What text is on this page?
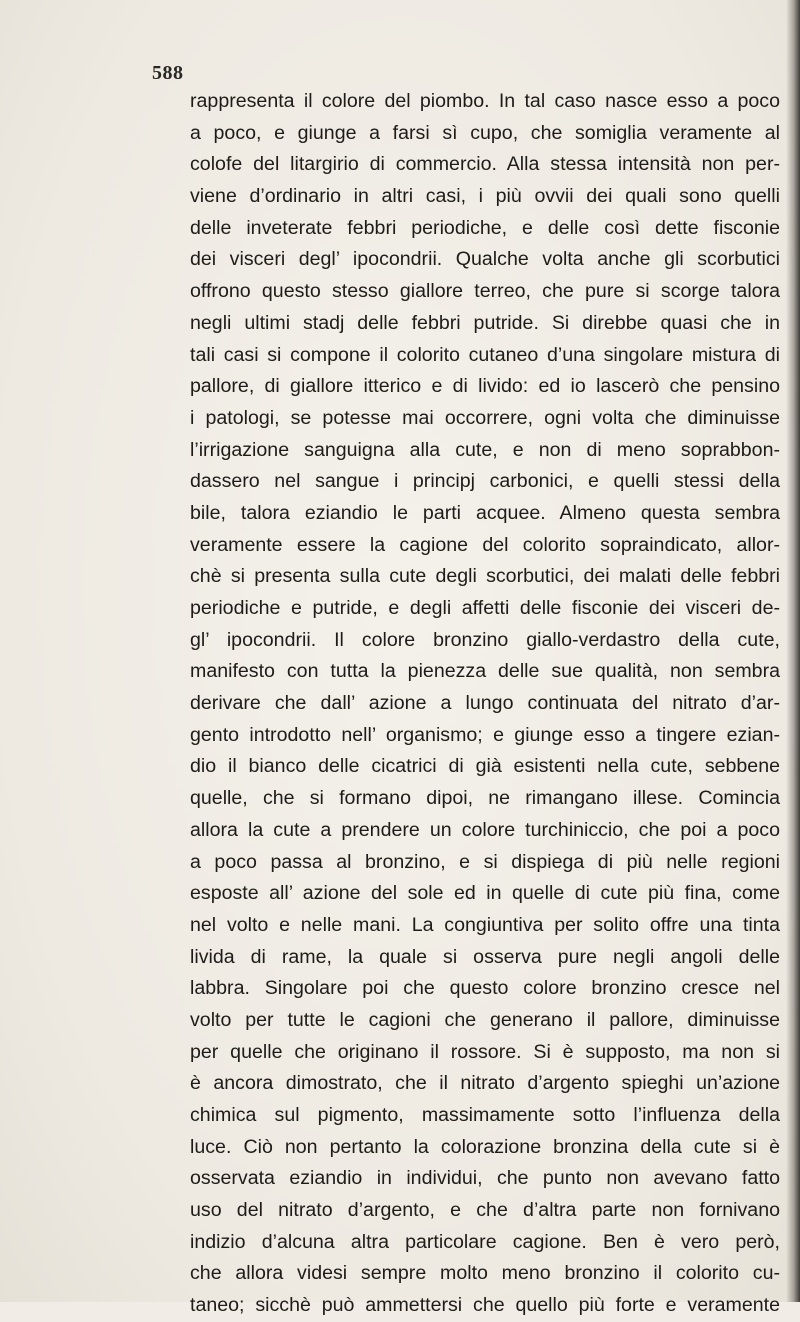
588
rappresenta il colore del piombo. In tal caso nasce esso a poco
a poco, e giunge a farsi sì cupo, che somiglia veramente al
colofe del litargirio di commercio. Alla stessa intensità non per-
viene d’ordinario in altri casi, i più ovvii dei quali sono quelli
delle inveterate febbri periodiche, e delle così dette fisconie
dei visceri degl’ ipocondrii. Qualche volta anche gli scorbutici
offrono questo stesso giallore terreo, che pure si scorge talora
negli ultimi stadj delle febbri putride. Si direbbe quasi che in
tali casi si compone il colorito cutaneo d’una singolare mistura di
pallore, di giallore itterico e di livido: ed io lascerò che pensino
i patologi, se potesse mai occorrere, ogni volta che diminuisse
l’irrigazione sanguigna alla cute, e non di meno soprabbon-
dassero nel sangue i principj carbonici, e quelli stessi della
bile, talora eziandio le parti acquee. Almeno questa sembra
veramente essere la cagione del colorito sopraindicato, allor-
chè si presenta sulla cute degli scorbutici, dei malati delle febbri
periodiche e putride, e degli affetti delle fisconie dei visceri de-
gl’ ipocondrii. Il colore bronzino giallo-verdastro della cute,
manifesto con tutta la pienezza delle sue qualità, non sembra
derivare che dall’ azione a lungo continuata del nitrato d’ar-
gento introdotto nell’ organismo; e giunge esso a tingere ezian-
dio il bianco delle cicatrici di già esistenti nella cute, sebbene
quelle, che si formano dipoi, ne rimangano illese. Comincia
allora la cute a prendere un colore turchiniccio, che poi a poco
a poco passa al bronzino, e si dispiega di più nelle regioni
esposte all’ azione del sole ed in quelle di cute più fina, come
nel volto e nelle mani. La congiuntiva per solito offre una tinta
livida di rame, la quale si osserva pure negli angoli delle
labbra. Singolare poi che questo colore bronzino cresce nel
volto per tutte le cagioni che generano il pallore, diminuisse
per quelle che originano il rossore. Si è supposto, ma non si
è ancora dimostrato, che il nitrato d’argento spieghi un’azione
chimica sul pigmento, massimamente sotto l’influenza della
luce. Ciò non pertanto la colorazione bronzina della cute si è
osservata eziandio in individui, che punto non avevano fatto
uso del nitrato d’argento, e che d’altra parte non fornivano
indizio d’alcuna altra particolare cagione. Ben è vero però,
che allora videsi sempre molto meno bronzino il colorito cu-
taneo; sicchè può ammettersi che quello più forte e veramente
